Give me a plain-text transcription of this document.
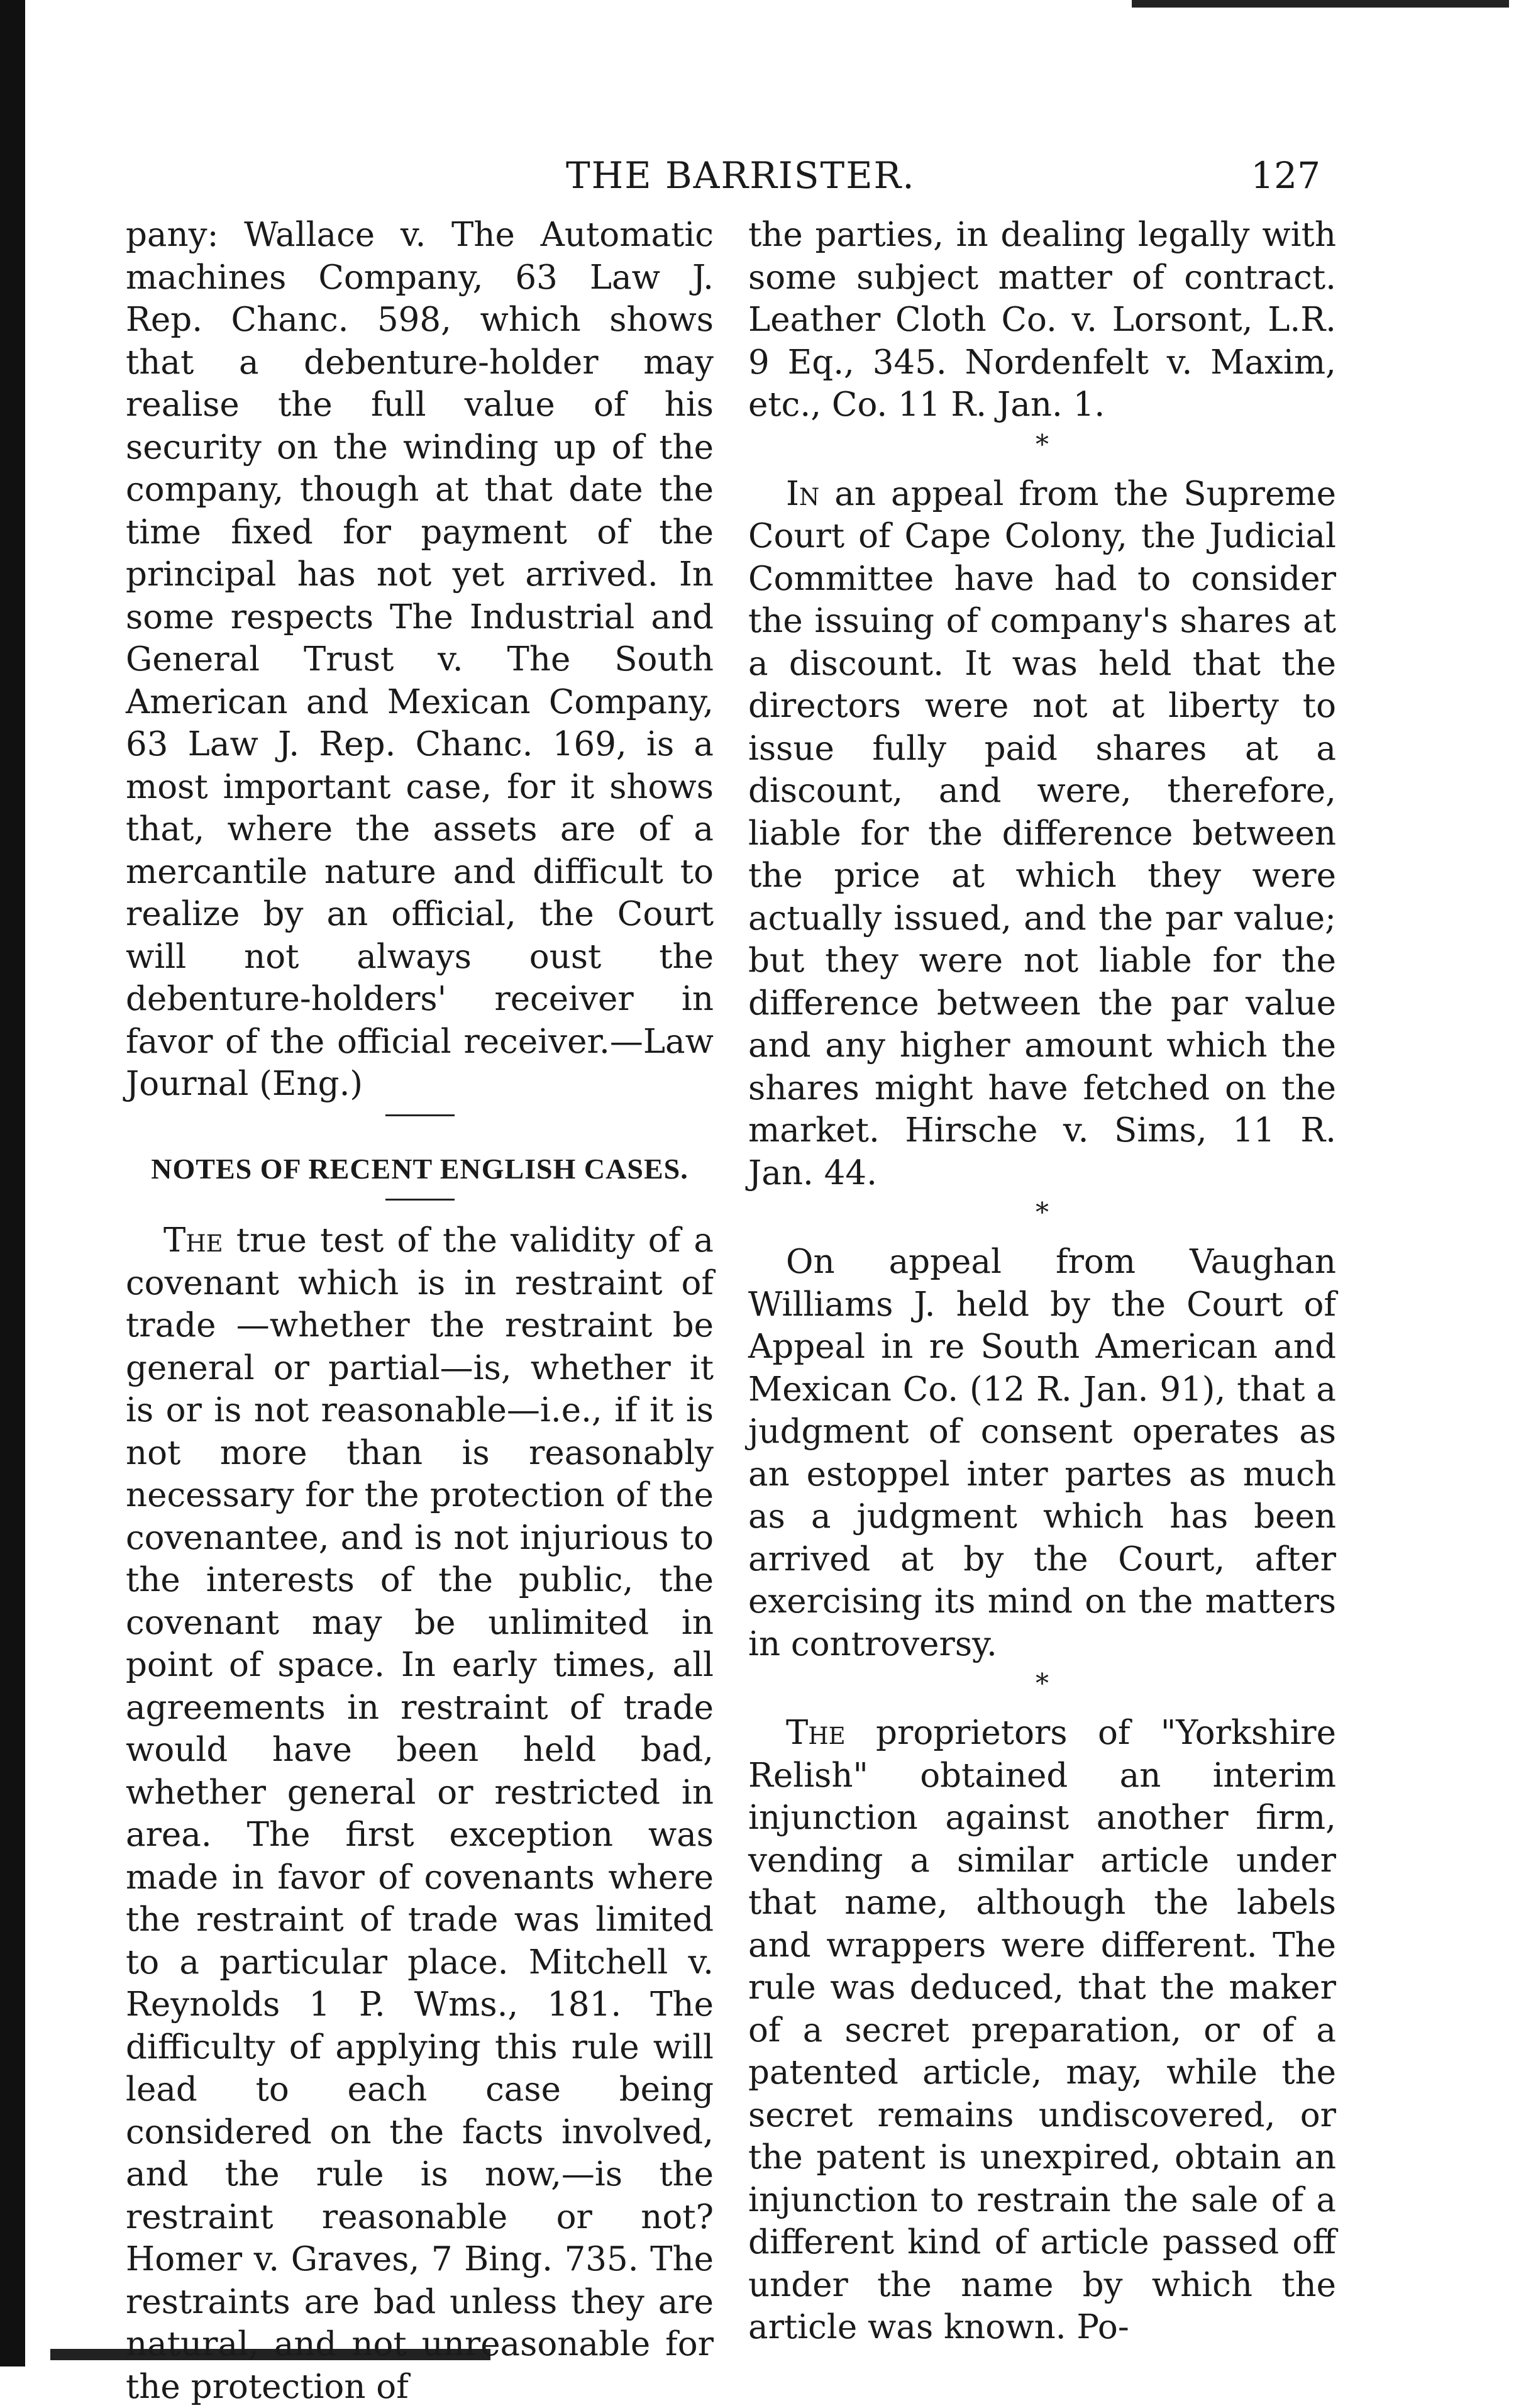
THE BARRISTER.	127

pany: Wallace v. The Automatic machines Company, 63 Law J. Rep. Chanc. 598, which shows that a debenture-holder may realise the full value of his security on the winding up of the company, though at that date the time fixed for payment of the principal has not yet arrived. In some respects The Industrial and General Trust v. The South American and Mexican Company, 63 Law J. Rep. Chanc. 169, is a most important case, for it shows that, where the assets are of a mercantile nature and difficult to realize by an official, the Court will not always oust the debenture-holders' receiver in favor of the official receiver.—Law Journal (Eng.)

NOTES OF RECENT ENGLISH CASES.

The true test of the validity of a covenant which is in restraint of trade —whether the restraint be general or partial—is, whether it is or is not reasonable—i.e., if it is not more than is reasonably necessary for the protection of the covenantee, and is not injurious to the interests of the public, the covenant may be unlimited in point of space. In early times, all agreements in restraint of trade would have been held bad, whether general or restricted in area. The first exception was made in favor of covenants where the restraint of trade was limited to a particular place. Mitchell v. Reynolds 1 P. Wms., 181. The difficulty of applying this rule will lead to each case being considered on the facts involved, and the rule is now,—is the restraint reasonable or not? Homer v. Graves, 7 Bing. 735. The restraints are bad unless they are natural, and not unreasonable for the protection of

the parties, in dealing legally with some subject matter of contract. Leather Cloth Co. v. Lorsont, L.R. 9 Eq., 345. Nordenfelt v. Maxim, etc., Co. 11 R. Jan. 1.

*

In an appeal from the Supreme Court of Cape Colony, the Judicial Committee have had to consider the issuing of company's shares at a discount. It was held that the directors were not at liberty to issue fully paid shares at a discount, and were, therefore, liable for the difference between the price at which they were actually issued, and the par value; but they were not liable for the difference between the par value and any higher amount which the shares might have fetched on the market. Hirsche v. Sims, 11 R. Jan. 44.

*

On appeal from Vaughan Williams J. held by the Court of Appeal in re South American and Mexican Co. (12 R. Jan. 91), that a judgment of consent operates as an estoppel inter partes as much as a judgment which has been arrived at by the Court, after exercising its mind on the matters in controversy.

*

The proprietors of "Yorkshire Relish" obtained an interim injunction against another firm, vending a similar article under that name, although the labels and wrappers were different. The rule was deduced, that the maker of a secret preparation, or of a patented article, may, while the secret remains undiscovered, or the patent is unexpired, obtain an injunction to restrain the sale of a different kind of article passed off under the name by which the article was known. Po-
